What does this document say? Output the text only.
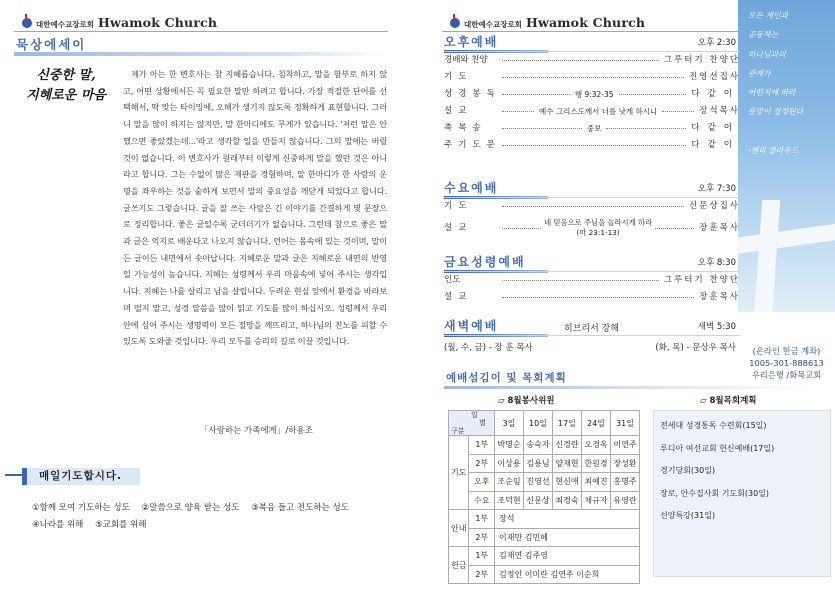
대한예수교장로회 Hwamok Church
묵상에세이
신중한 말,
지혜로운 마음
제가 아는 한 변호사는 참 지혜롭습니다. 침착하고, 말을 함부로 하지 않고, 어떤 상황에서든 꼭 필요한 말만 하려고 합니다. 가장 적절한 단어를 선택해서, 딱 맞는 타이밍에, 오해가 생기지 않도록 정확하게 표현합니다. 그러니 말을 많이 하지는 않지만, 말 한마디에도 무게가 있습니다. '저런 말은 안 했으면 좋았겠는데...'라고 생각할 일을 만들지 않습니다. 그의 말에는 버릴 것이 없습니다. 이 변호사가 원래부터 이렇게 신중하게 말을 했던 것은 아니라고 합니다. 그는 수없이 많은 재판을 경험하며, 말 한마디가 한 사람의 운명을 좌우하는 것을 숱하게 보면서 말의 중요성을 깨닫게 되었다고 합니다. 글쓰기도 그렇습니다. 글을 잘 쓰는 사람은 긴 이야기를 간결하게 몇 문장으로 정리합니다. 좋은 글일수록 군더더기가 없습니다. 그런데 참으로 좋은 말과 글은 억지로 배운다고 나오지 않습니다. 언어는 몸속에 있는 것이며, 말이든 글이든 내면에서 솟아납니다. 지혜로운 말과 글은 지혜로운 내면의 반영일 가능성이 높습니다. 지혜는 성령께서 우리 마음속에 넣어 주시는 생각입니다. 지혜는 나를 살리고 남을 살립니다. 두려운 현실 앞에서 환경을 바라보며 떨지 말고, 성경 말씀을 많이 읽고 기도를 많이 하십시오. 성령께서 우리 안에 심어 주시는 생명력이 모든 절망을 깨뜨리고, 하나님의 진노를 피할 수 있도록 도와줄 것입니다. 우리 모두를 승리의 길로 이끌 것입니다.
「사랑하는 가족에게」/하용조
매일기도합시다.
①함께 모여 기도하는 성도 ②말씀으로 양육 받는 성도 ③복음 들고 전도하는 성도
④나라를 위해 ⑤교회를 위해
대한예수교장로회 Hwamok Church	모든 계인과
공동체는
하나님과의
관계가
어떤지에 따라
흥망이 결정된다.

-헨리 클라우드
(온라인 헌금 계좌)
1005-301-888613
우리은행 /화목교회
오후예배	오후 2:30
경배와 찬양	그루터기 찬양단
기도	진영선집사
성경봉독	행 9:32-35	다같이
설교	예수 그리스도께서 너를 낫게 하시니	장석목사
축복송	중보	다같이
주기도문	다같이
수요예배	오후 7:30
기도	신문상집사
설교	네 믿음으로 주님을 놀라시게 하라
(마 23:1-13)	장훈목사
금요성령예배	오후 8:30
인도	그루터기 찬양단
설교	장훈목사
새벽예배	히브리서 강해	새벽 5:30
(월, 수, 금) - 장 훈 목사	(화, 목) - 문상우 목사
예배섬김이 및 목회계획
▱ 8월봉사위원	▱ 8월목회계획
일
별
구분		3일	10일	17일	24일	31일
기도	1부	박명순	송숙자	신경란	오경옥	이연주
	2부	이상용	김용님	양재현	한원경	장성환
	오후	조순임	진영선	현신애	최예진	홍명주
	수요	조덕현	신문상	최경숙	채규자	유영란
안내	1부	장석				
	2부	이재만 김민혜				
헌금	1부	김재연 김주영				
	2부	김정인 이미란 김연주 이순희				
전세대 성경통독 수련회(15일)
루디아 여선교회 헌신예배(17일)
경기당회(30일)
장로, 안수집사회 기도회(30일)
선양특강(31일)
